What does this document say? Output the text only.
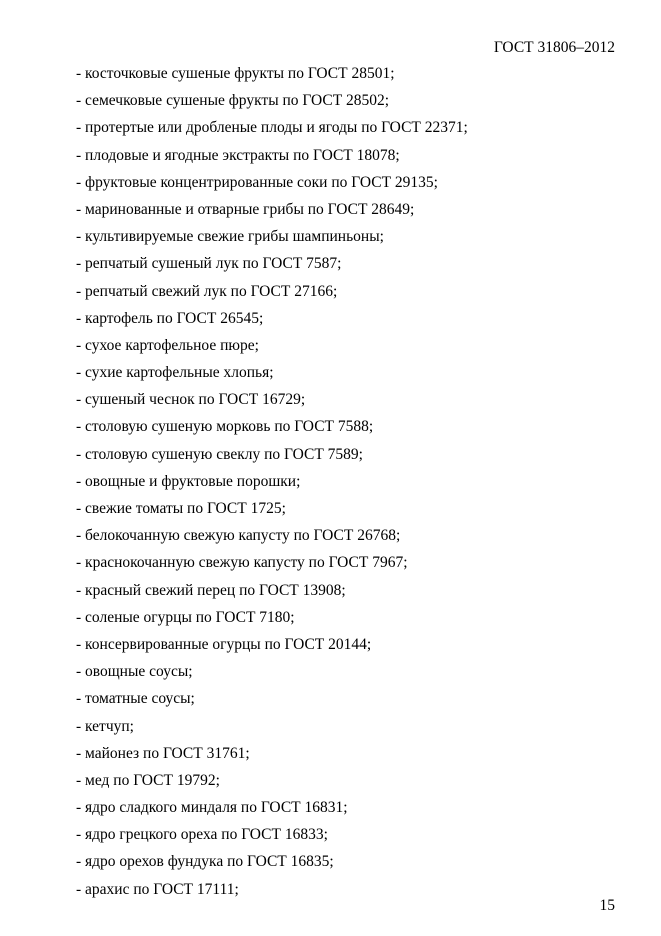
ГОСТ 31806–2012
- косточковые сушеные фрукты по ГОСТ 28501;
- семечковые сушеные фрукты по ГОСТ 28502;
- протертые или дробленые плоды и ягоды по ГОСТ 22371;
- плодовые и ягодные экстракты по ГОСТ 18078;
- фруктовые концентрированные соки по ГОСТ 29135;
- маринованные и отварные грибы по ГОСТ 28649;
- культивируемые свежие грибы шампиньоны;
- репчатый сушеный лук по ГОСТ 7587;
- репчатый свежий лук по ГОСТ 27166;
- картофель по ГОСТ 26545;
- сухое картофельное пюре;
- сухие картофельные хлопья;
- сушеный чеснок по ГОСТ 16729;
- столовую сушеную морковь по ГОСТ 7588;
- столовую сушеную свеклу по ГОСТ 7589;
- овощные и фруктовые порошки;
- свежие томаты по ГОСТ 1725;
- белокочанную свежую капусту по ГОСТ 26768;
- краснокочанную свежую капусту по ГОСТ 7967;
- красный свежий перец по ГОСТ 13908;
- соленые огурцы по ГОСТ 7180;
- консервированные огурцы по ГОСТ 20144;
- овощные соусы;
- томатные соусы;
- кетчуп;
- майонез по ГОСТ 31761;
- мед по ГОСТ 19792;
- ядро сладкого миндаля по ГОСТ 16831;
- ядро грецкого ореха по ГОСТ 16833;
- ядро орехов фундука по ГОСТ 16835;
- арахис по ГОСТ 17111;
15
